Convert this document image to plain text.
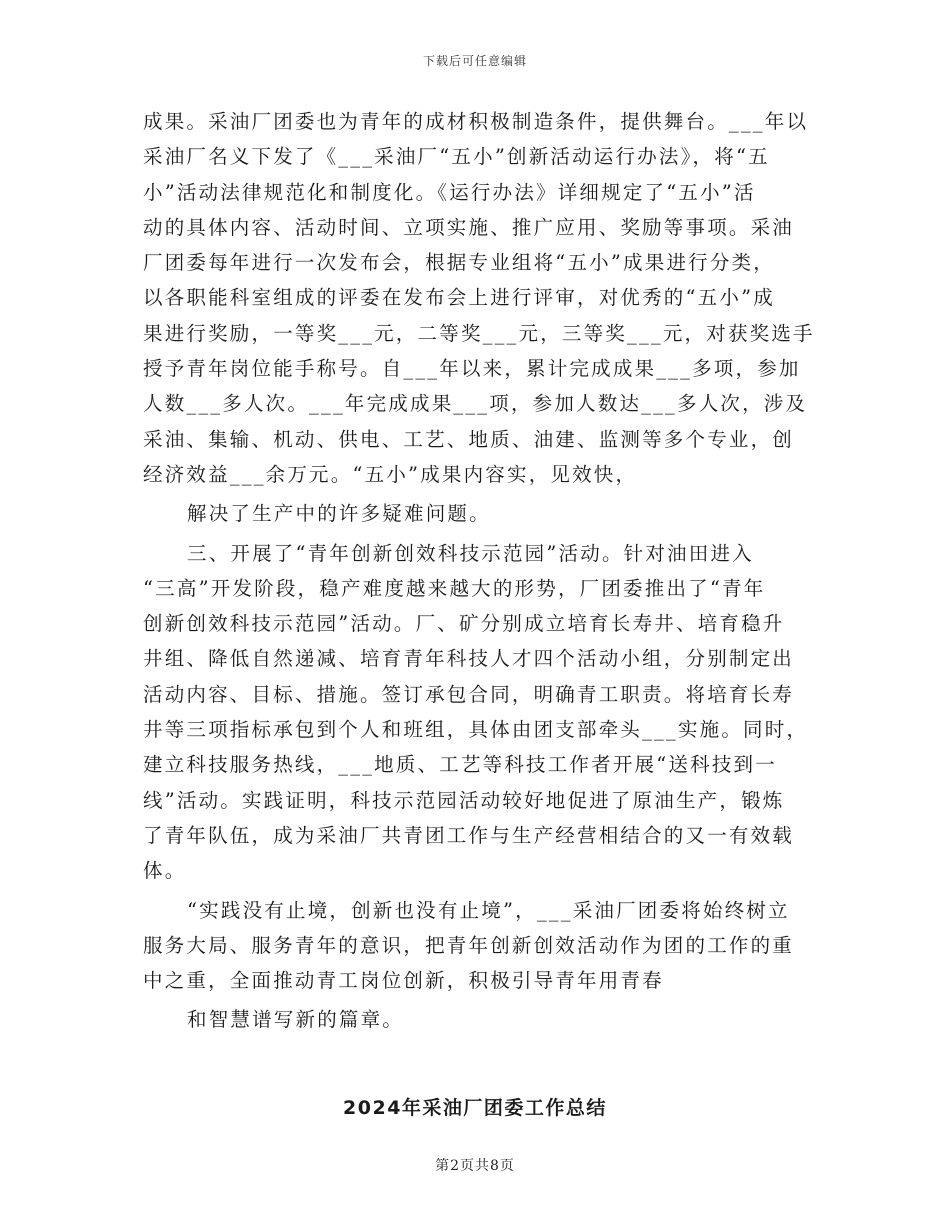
下载后可任意编辑

成果。采油厂团委也为青年的成材积极制造条件，提供舞台。___年以
采油厂名义下发了《___采油厂“五小”创新活动运行办法》，将“五
小”活动法律规范化和制度化。《运行办法》详细规定了“五小”活
动的具体内容、活动时间、立项实施、推广应用、奖励等事项。采油
厂团委每年进行一次发布会，根据专业组将“五小”成果进行分类，
以各职能科室组成的评委在发布会上进行评审，对优秀的“五小”成
果进行奖励，一等奖___元，二等奖___元，三等奖___元，对获奖选手
授予青年岗位能手称号。自___年以来，累计完成成果___多项，参加
人数___多人次。___年完成成果___项，参加人数达___多人次，涉及
采油、集输、机动、供电、工艺、地质、油建、监测等多个专业，创
经济效益___余万元。“五小”成果内容实，见效快，

解决了生产中的许多疑难问题。

三、开展了“青年创新创效科技示范园”活动。针对油田进入
“三高”开发阶段，稳产难度越来越大的形势，厂团委推出了“青年
创新创效科技示范园”活动。厂、矿分别成立培育长寿井、培育稳升
井组、降低自然递减、培育青年科技人才四个活动小组，分别制定出
活动内容、目标、措施。签订承包合同，明确青工职责。将培育长寿
井等三项指标承包到个人和班组，具体由团支部牵头___实施。同时，
建立科技服务热线，___地质、工艺等科技工作者开展“送科技到一
线”活动。实践证明，科技示范园活动较好地促进了原油生产，锻炼
了青年队伍，成为采油厂共青团工作与生产经营相结合的又一有效载
体。

“实践没有止境，创新也没有止境”，___采油厂团委将始终树立
服务大局、服务青年的意识，把青年创新创效活动作为团的工作的重
中之重，全面推动青工岗位创新，积极引导青年用青春

和智慧谱写新的篇章。

2024年采油厂团委工作总结
第2页共8页
